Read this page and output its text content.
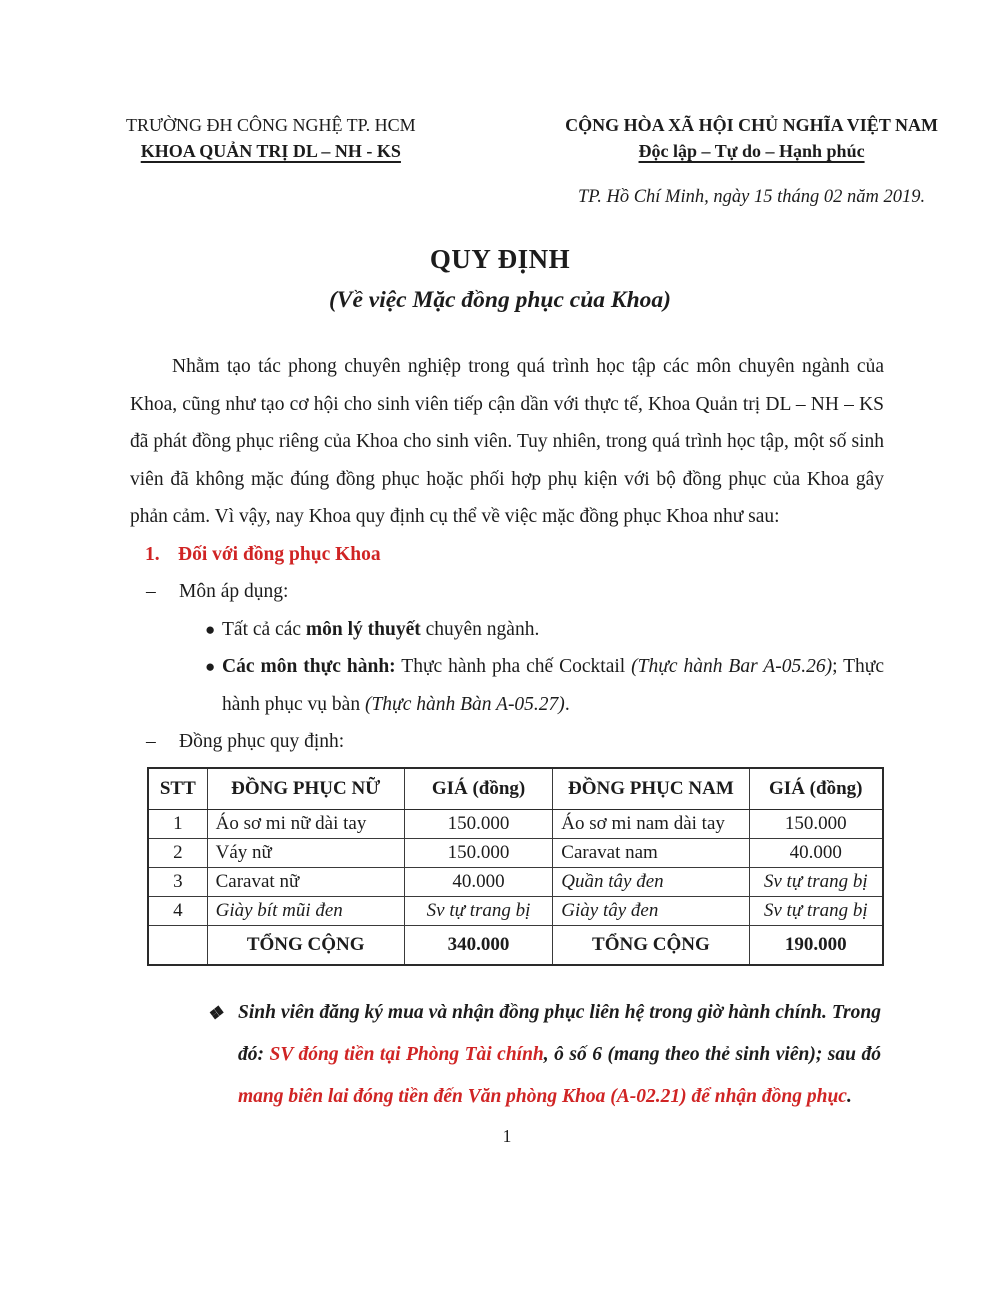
TRƯỜNG ĐH CÔNG NGHỆ TP. HCM
KHOA QUẢN TRỊ DL – NH - KS
CỘNG HÒA XÃ HỘI CHỦ NGHĨA VIỆT NAM
Độc lập – Tự do – Hạnh phúc
TP. Hồ Chí Minh, ngày 15 tháng 02 năm 2019.
QUY ĐỊNH
(Về việc Mặc đồng phục của Khoa)

Nhằm tạo tác phong chuyên nghiệp trong quá trình học tập các môn chuyên ngành của Khoa, cũng như tạo cơ hội cho sinh viên tiếp cận dần với thực tế, Khoa Quản trị DL – NH – KS đã phát đồng phục riêng của Khoa cho sinh viên. Tuy nhiên, trong quá trình học tập, một số sinh viên đã không mặc đúng đồng phục hoặc phối hợp phụ kiện với bộ đồng phục của Khoa gây phản cảm. Vì vậy, nay Khoa quy định cụ thể về việc mặc đồng phục Khoa như sau:

1. Đối với đồng phục Khoa
–	Môn áp dụng:
● Tất cả các môn lý thuyết chuyên ngành.
● Các môn thực hành: Thực hành pha chế Cocktail (Thực hành Bar A-05.26); Thực hành phục vụ bàn (Thực hành Bàn A-05.27).
–	Đồng phục quy định:
STT	ĐỒNG PHỤC NỮ	GIÁ (đồng)	ĐỒNG PHỤC NAM	GIÁ (đồng)
1	Áo sơ mi nữ dài tay	150.000	Áo sơ mi nam dài tay	150.000
2	Váy nữ	150.000	Caravat nam	40.000
3	Caravat nữ	40.000	Quần tây đen	Sv tự trang bị
4	Giày bít mũi đen	Sv tự trang bị	Giày tây đen	Sv tự trang bị
	TỔNG CỘNG	340.000	TỔNG CỘNG	190.000
❖ Sinh viên đăng ký mua và nhận đồng phục liên hệ trong giờ hành chính. Trong đó: SV đóng tiền tại Phòng Tài chính, ô số 6 (mang theo thẻ sinh viên); sau đó mang biên lai đóng tiền đến Văn phòng Khoa (A-02.21) để nhận đồng phục.
1
